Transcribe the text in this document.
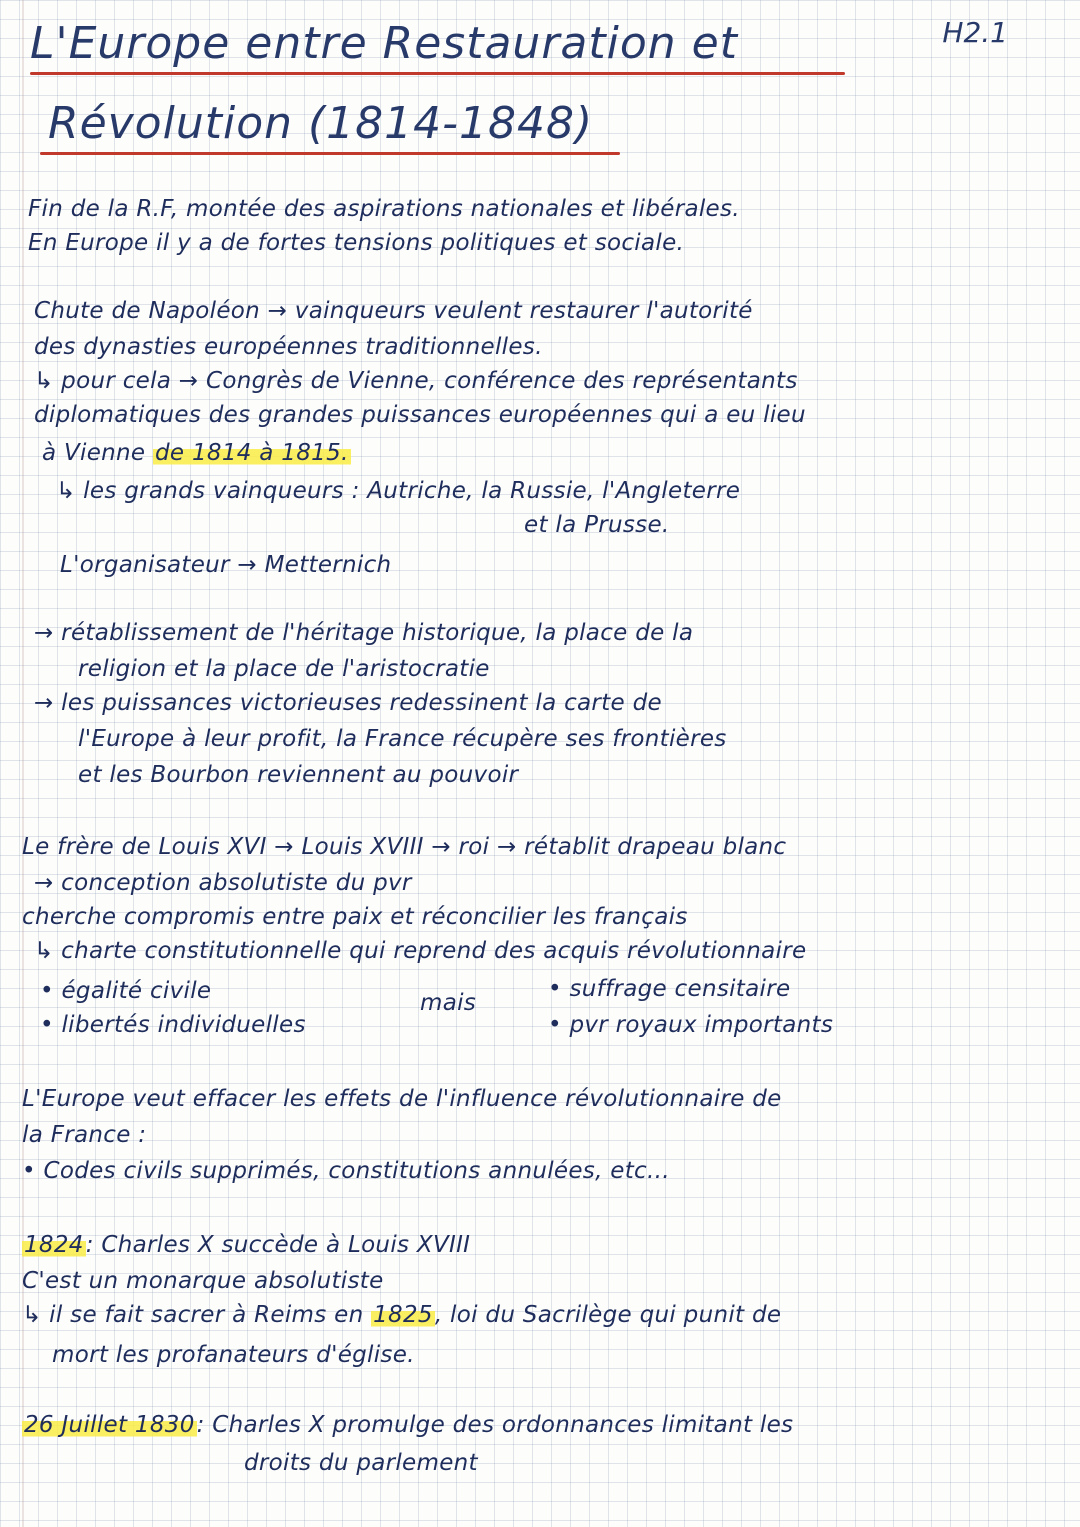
L'Europe entre Restauration et
Révolution (1814-1848)
H2.1
Fin de la R.F, montée des aspirations nationales et libérales.
En Europe il y a de fortes tensions politiques et sociale.
Chute de Napoléon → vainqueurs veulent restaurer l'autorité
des dynasties européennes traditionnelles.
↳ pour cela → Congrès de Vienne, conférence des représentants
diplomatiques des grandes puissances européennes qui a eu lieu
à Vienne de 1814 à 1815.
↳ les grands vainqueurs : Autriche, la Russie, l'Angleterre
et la Prusse.
L'organisateur → Metternich
→ rétablissement de l'héritage historique, la place de la
religion et la place de l'aristocratie
→ les puissances victorieuses redessinent la carte de
l'Europe à leur profit, la France récupère ses frontières
et les Bourbon reviennent au pouvoir
Le frère de Louis XVI → Louis XVIII → roi → rétablit drapeau blanc
→ conception absolutiste du pvr
cherche compromis entre paix et réconcilier les français
↳ charte constitutionnelle qui reprend des acquis révolutionnaire
• égalité civile
• libertés individuelles
mais
• suffrage censitaire
• pvr royaux importants
L'Europe veut effacer les effets de l'influence révolutionnaire de
la France :
• Codes civils supprimés, constitutions annulées, etc...
1824: Charles X succède à Louis XVIII
C'est un monarque absolutiste
↳ il se fait sacrer à Reims en 1825, loi du Sacrilège qui punit de
mort les profanateurs d'église.
26 Juillet 1830: Charles X promulge des ordonnances limitant les
droits du parlement
